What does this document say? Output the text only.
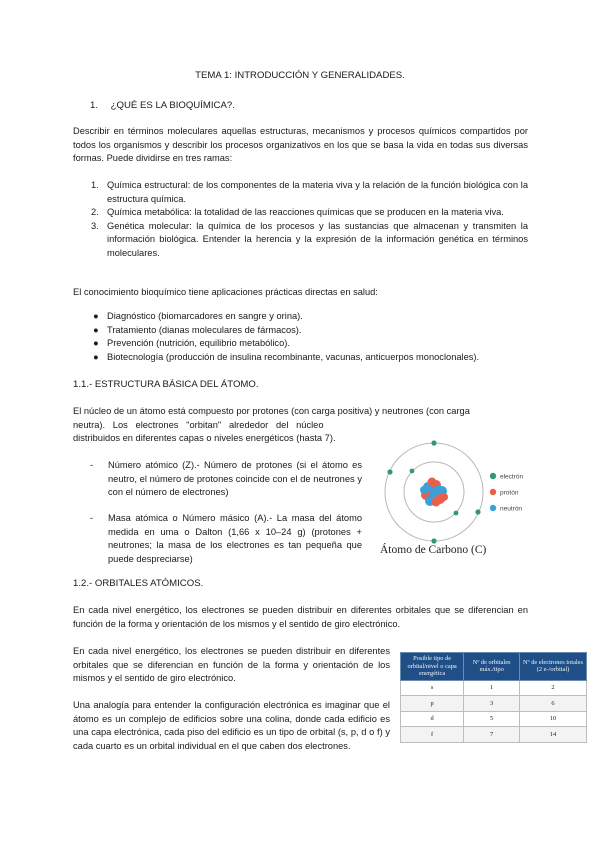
TEMA 1: INTRODUCCIÓN Y GENERALIDADES.
1. ¿QUÉ ES LA BIOQUÍMICA?.
Describir en términos moleculares aquellas estructuras, mecanismos y procesos químicos compartidos por todos los organismos y describir los procesos organizativos en los que se basa la vida en todas sus diversas formas. Puede dividirse en tres ramas:
1. Química estructural: de los componentes de la materia viva y la relación de la función biológica con la estructura química.
2. Química metabólica: la totalidad de las reacciones químicas que se producen en la materia viva.
3. Genética molecular: la química de los procesos y las sustancias que almacenan y transmiten la información biológica. Entender la herencia y la expresión de la información genética en términos moleculares.
El conocimiento bioquímico tiene aplicaciones prácticas directas en salud:
● Diagnóstico (biomarcadores en sangre y orina).
● Tratamiento (dianas moleculares de fármacos).
● Prevención (nutrición, equilibrio metabólico).
● Biotecnología (producción de insulina recombinante, vacunas, anticuerpos monoclonales).
1.1.- ESTRUCTURA BÁSICA DEL ÁTOMO.
El núcleo de un átomo está compuesto por protones (con carga positiva) y neutrones (con carga
neutra).   Los   electrones   "orbitan"   alrededor   del   núcleo
distribuidos en diferentes capas o niveles energéticos (hasta 7).
- Número atómico (Z).- Número de protones (si el átomo es neutro, el número de protones coincide con el de neutrones y con el número de electrones)
- Masa atómica o Número másico (A).- La masa del átomo medida en uma o Dalton (1,66 x 10–24 g) (protones + neutrones; la masa de los electrones es tan pequeña que puede despreciarse)
electrón
protón
neutrón
Átomo de Carbono (C)
1.2.- ORBITALES ATÓMICOS.
En cada nivel energético, los electrones se pueden distribuir en diferentes orbitales que se diferencian en función de la forma y orientación de los mismos y el sentido de giro electrónico.
En cada nivel energético, los electrones se pueden distribuir en diferentes orbitales que se diferencian en función de la forma y orientación de los mismos y el sentido de giro electrónico.
Una analogía para entender la configuración electrónica es imaginar que el átomo es un complejo de edificios sobre una colina, donde cada edificio es una capa electrónica, cada piso del edificio es un tipo de orbital (s, p, d o f) y cada cuarto es un orbital individual en el que caben dos electrones.
Posible tipo de orbital/nivel o capa energética	Nº de orbitales máx./tipo	Nº de electrones totales (2 e-/orbital)
s	1	2
p	3	6
d	5	10
f	7	14
